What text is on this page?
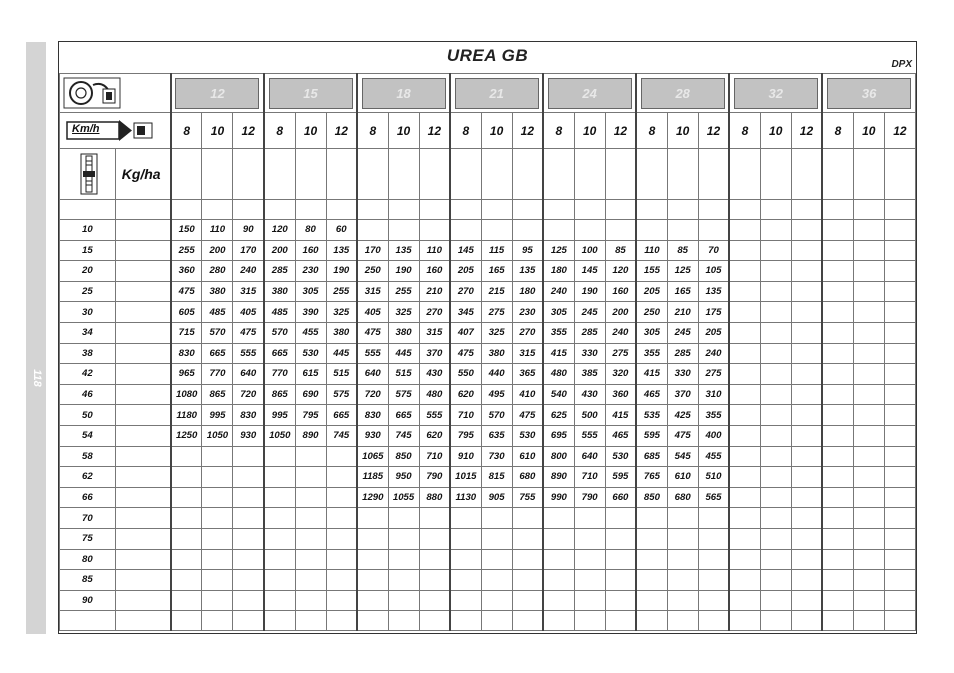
118
UREA GB	DPX

12			15			18			21			24			28			32			36		

Km/h		8	10	12	8	10	12	8	10	12	8	10	12	8	10	12	8	10	12	8	10	12	8	10	12

	Kg/ha																								

10		150	110	90	120	80	60																		
15		255	200	170	200	160	135	170	135	110	145	115	95	125	100	85	110	85	70						
20		360	280	240	285	230	190	250	190	160	205	165	135	180	145	120	155	125	105						
25		475	380	315	380	305	255	315	255	210	270	215	180	240	190	160	205	165	135						
30		605	485	405	485	390	325	405	325	270	345	275	230	305	245	200	250	210	175						
34		715	570	475	570	455	380	475	380	315	407	325	270	355	285	240	305	245	205						
38		830	665	555	665	530	445	555	445	370	475	380	315	415	330	275	355	285	240						
42		965	770	640	770	615	515	640	515	430	550	440	365	480	385	320	415	330	275						
46		1080	865	720	865	690	575	720	575	480	620	495	410	540	430	360	465	370	310						
50		1180	995	830	995	795	665	830	665	555	710	570	475	625	500	415	535	425	355						
54		1250	1050	930	1050	890	745	930	745	620	795	635	530	695	555	465	595	475	400						
58								1065	850	710	910	730	610	800	640	530	685	545	455						
62								1185	950	790	1015	815	680	890	710	595	765	610	510						
66								1290	1055	880	1130	905	755	990	790	660	850	680	565						
70																									
75																									
80																									
85																									
90																									
